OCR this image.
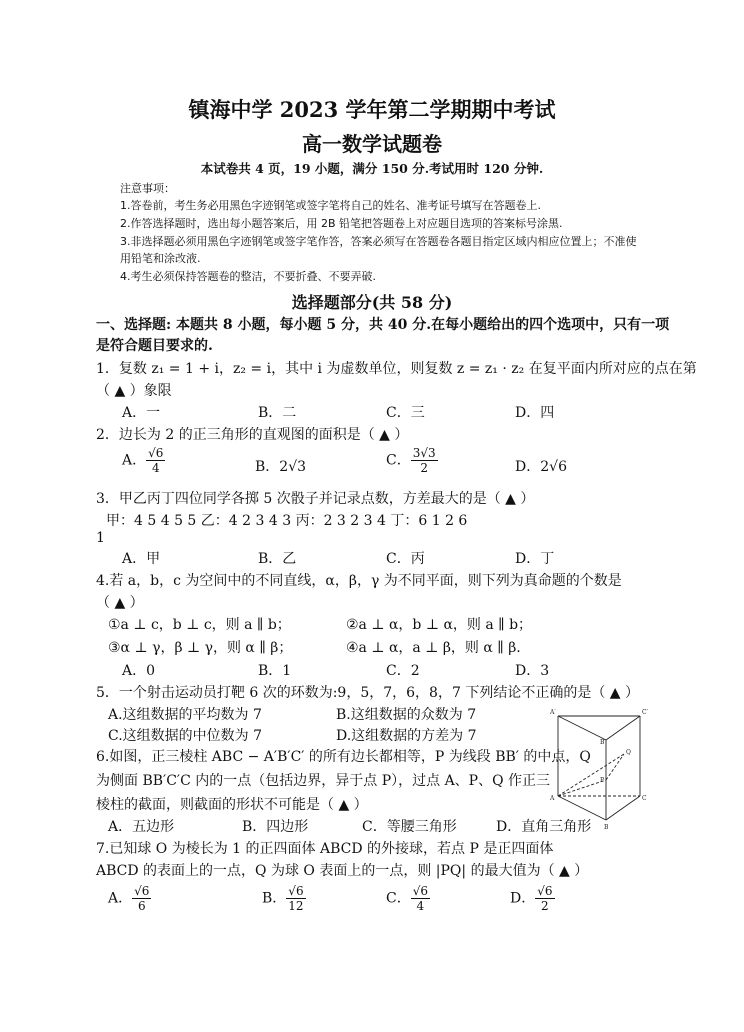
镇海中学 2023 学年第二学期期中考试
高一数学试题卷
本试卷共 4 页，19 小题，满分 150 分.考试用时 120 分钟.
注意事项：
1.答卷前，考生务必用黑色字迹钢笔或签字笔将自己的姓名、准考证号填写在答题卷上.
2.作答选择题时，选出每小题答案后，用 2B 铅笔把答题卷上对应题目选项的答案标号涂黑.
3.非选择题必须用黑色字迹钢笔或签字笔作答，答案必须写在答题卷各题目指定区域内相应位置上；不准使
用铅笔和涂改液.
4.考生必须保持答题卷的整洁，不要折叠、不要弄破.
选择题部分(共 58 分)
一、选择题: 本题共 8 小题，每小题 5 分，共 40 分.在每小题给出的四个选项中，只有一项
是符合题目要求的.
1．复数 z₁ = 1 + i，z₂ = i，其中 i 为虚数单位，则复数 z = z₁ · z₂ 在复平面内所对应的点在第
（ ▲ ）象限
A．一	B．二	C．三	D．四
2．边长为 2 的正三角形的直观图的面积是（ ▲ ）
A． $\frac{√6}{4}$	B．2√3	C． $\frac{3√3}{2}$	D．2√6
3．甲乙丙丁四位同学各掷 5 次骰子并记录点数，方差最大的是（ ▲ ）
甲：4 5 4 5 5 乙：4 2 3 4 3 丙：2 3 2 3 4 丁：6 1 2 6
1
A．甲	B．乙	C．丙	D．丁
4.若 a，b，c 为空间中的不同直线，α，β，γ 为不同平面，则下列为真命题的个数是
（ ▲ ）
①a ⊥ c，b ⊥ c，则 a ∥ b；	②a ⊥ α，b ⊥ α，则 a ∥ b；
③α ⊥ γ，β ⊥ γ，则 α ∥ β；	④a ⊥ α，a ⊥ β，则 α ∥ β.
A．0	B．1	C．2	D．3
5．一个射击运动员打靶 6 次的环数为:9，5，7，6，8，7 下列结论不正确的是（ ▲ ）
A.这组数据的平均数为 7	B.这组数据的众数为 7
C.这组数据的中位数为 7	D.这组数据的方差为 7
6.如图，正三棱柱 ABC − A′B′C′ 的所有边长都相等，P 为线段 BB′ 的中点，Q
为侧面 BB′C′C 内的一点（包括边界，异于点 P），过点 A、P、Q 作正三
棱柱的截面，则截面的形状不可能是（ ▲ ）
A．五边形	B．四边形	C．等腰三角形	D．直角三角形
A′	C′
B′
A	C
B
P
Q
7.已知球 O 为棱长为 1 的正四面体 ABCD 的外接球，若点 P 是正四面体
ABCD 的表面上的一点，Q 为球 O 表面上的一点，则 |PQ| 的最大值为（ ▲ ）
A． $\frac{√6}{6}$	B． $\frac{√6}{12}$	C． $\frac{√6}{4}$	D． $\frac{√6}{2}$
